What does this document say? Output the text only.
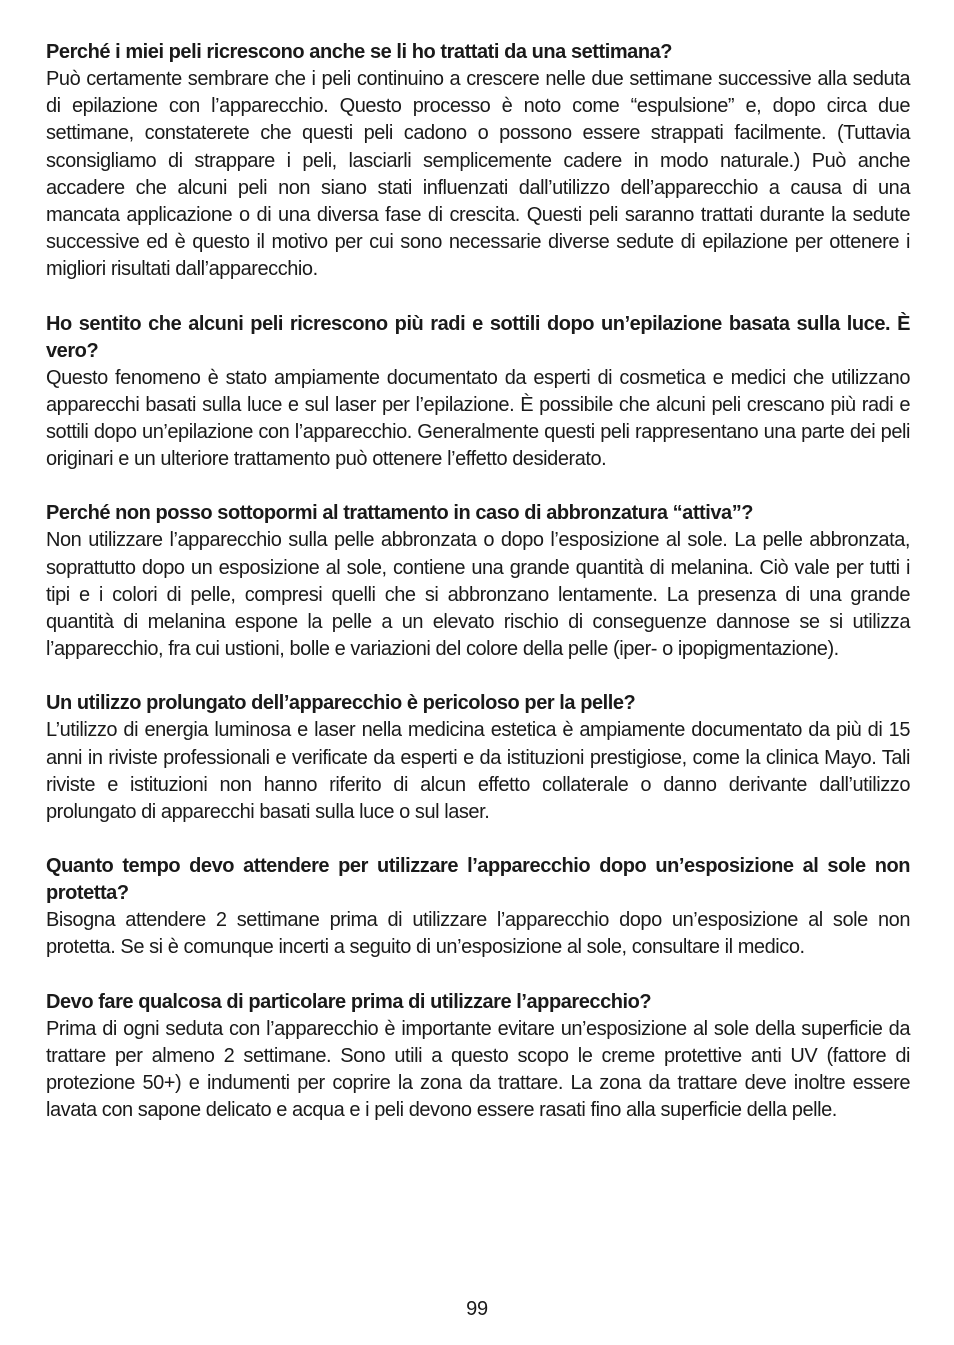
Perché i miei peli ricrescono anche se li ho trattati da una settimana?

Può certamente sembrare che i peli continuino a crescere nelle due settimane successive alla seduta di epilazione con l’apparecchio. Questo processo è noto come “espulsione” e, dopo circa due settimane, constaterete che questi peli cadono o possono essere strappati facilmente. (Tuttavia sconsigliamo di strappare i peli, lasciarli semplicemente cadere in modo naturale.) Può anche accadere che alcuni peli non siano stati influenzati dall’utilizzo dell’apparecchio a causa di una mancata applicazione o di una diversa fase di crescita. Questi peli saranno trattati durante la sedute successive ed è questo il motivo per cui sono necessarie diverse sedute di epilazione per ottenere i migliori risultati dall’apparecchio.

Ho sentito che alcuni peli ricrescono più radi e sottili dopo un’epilazione basata sulla luce. È vero?

Questo fenomeno è stato ampiamente documentato da esperti di cosmetica e medici che utilizzano apparecchi basati sulla luce e sul laser per l’epilazione. È possibile che alcuni peli crescano più radi e sottili dopo un’epilazione con l’apparecchio. Generalmente questi peli rappresentano una parte dei peli originari e un ulteriore trattamento può ottenere l’effetto desiderato.

Perché non posso sottopormi al trattamento in caso di abbronzatura “attiva”?

Non utilizzare l’apparecchio sulla pelle abbronzata o dopo l’esposizione al sole. La pelle abbronzata, soprattutto dopo un esposizione al sole, contiene una grande quantità di melanina. Ciò vale per tutti i tipi e i colori di pelle, compresi quelli che si abbronzano lentamente. La presenza di una grande quantità di melanina espone la pelle a un elevato rischio di conseguenze dannose se si utilizza l’apparecchio, fra cui ustioni, bolle e variazioni del colore della pelle (iper- o ipopigmentazione).

Un utilizzo prolungato dell’apparecchio è pericoloso per la pelle?

L’utilizzo di energia luminosa e laser nella medicina estetica è ampiamente documentato da più di 15 anni in riviste professionali e verificate da esperti e da istituzioni prestigiose, come la clinica Mayo. Tali riviste e istituzioni non hanno riferito di alcun effetto collaterale o danno derivante dall’utilizzo prolungato di apparecchi basati sulla luce o sul laser.

Quanto tempo devo attendere per utilizzare l’apparecchio dopo un’esposizione al sole non protetta?

Bisogna attendere 2 settimane prima di utilizzare l’apparecchio dopo un’esposizione al sole non protetta. Se si è comunque incerti a seguito di un’esposizione al sole, consultare il medico.

Devo fare qualcosa di particolare prima di utilizzare l’apparecchio?

Prima di ogni seduta con l’apparecchio è importante evitare un’esposizione al sole della superficie da trattare per almeno 2 settimane. Sono utili a questo scopo le creme protettive anti UV (fattore di protezione 50+) e indumenti per coprire la zona da trattare. La zona da trattare deve inoltre essere lavata con sapone delicato e acqua e i peli devono essere rasati fino alla superficie della pelle.

99
